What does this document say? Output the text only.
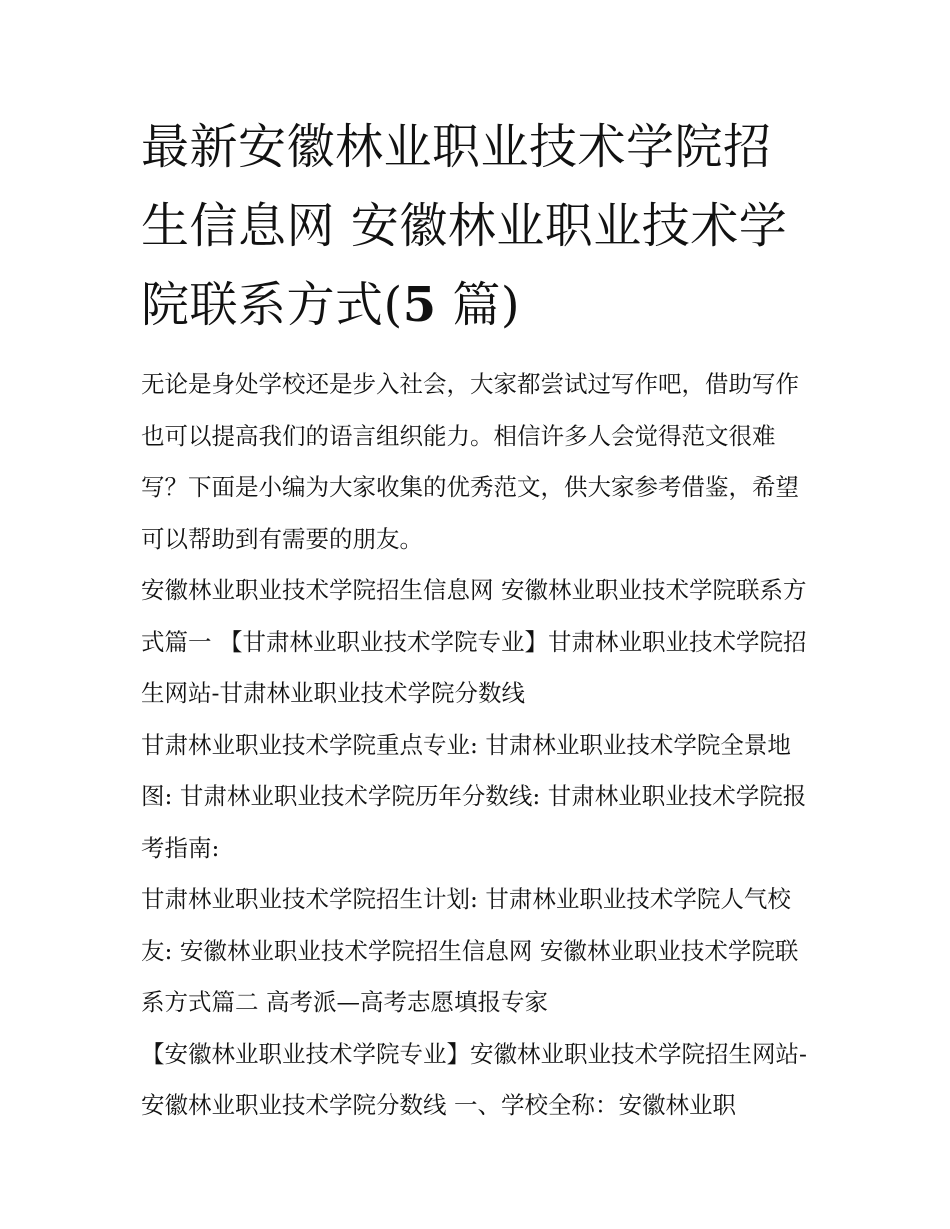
最新安徽林业职业技术学院招生信息网 安徽林业职业技术学院联系方式(5 篇)

无论是身处学校还是步入社会，大家都尝试过写作吧，借助写作也可以提高我们的语言组织能力。相信许多人会觉得范文很难写？下面是小编为大家收集的优秀范文，供大家参考借鉴，希望可以帮助到有需要的朋友。

安徽林业职业技术学院招生信息网 安徽林业职业技术学院联系方式篇一 【甘肃林业职业技术学院专业】甘肃林业职业技术学院招生网站-甘肃林业职业技术学院分数线

甘肃林业职业技术学院重点专业: 甘肃林业职业技术学院全景地图: 甘肃林业职业技术学院历年分数线: 甘肃林业职业技术学院报考指南:

甘肃林业职业技术学院招生计划: 甘肃林业职业技术学院人气校友: 安徽林业职业技术学院招生信息网 安徽林业职业技术学院联系方式篇二 高考派—高考志愿填报专家

【安徽林业职业技术学院专业】安徽林业职业技术学院招生网站-安徽林业职业技术学院分数线 一、学校全称：安徽林业职
